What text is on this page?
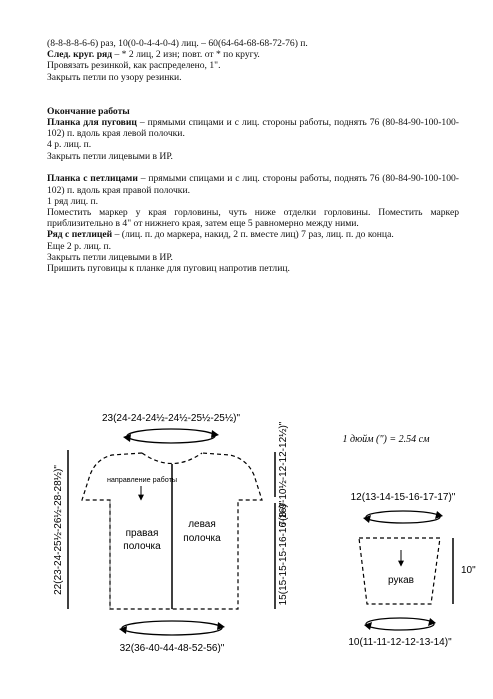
(8-8-8-8-6-6) раз, 10(0-0-4-4-0-4) лиц. – 60(64-64-68-68-72-76) п.

След. круг. ряд – * 2 лиц, 2 изн; повт. от * по кругу.

Провязать резинкой, как распределено, 1".

Закрыть петли по узору резинки.

Окончание работы

Планка для пуговиц – прямыми спицами и с лиц. стороны работы, поднять 76 (80-84-90-100-100-102) п. вдоль края левой полочки.

4 р. лиц. п.

Закрыть петли лицевыми в ИР.

Планка с петлицами – прямыми спицами и с лиц. стороны работы, поднять 76 (80-84-90-100-100-102) п. вдоль края правой полочки.

1 ряд лиц. п.

Поместить маркер у края горловины, чуть ниже отделки горловины. Поместить маркер приблизительно в 4" от нижнего края, затем еще 5 равномерно между ними.

Ряд с петлицей – (лиц. п. до маркера, накид, 2 п. вместе лиц) 7 раз, лиц. п. до конца.

Еще 2 р. лиц. п.

Закрыть петли лицевыми в ИР.

Пришить пуговицы к планке для пуговиц напротив петлиц.

23(24-24-24½-24½-25½-25½)"
направление работы
правая
полочка
левая
полочка
22(23-24-25½-26½-28-28½)"	7(8-9-10½-12-12-12½)"
15(15-15-15-16-16-16)"
32(36-40-44-48-52-56)"
1 дюйм (") = 2.54 см
12(13-14-15-16-17-17)"
рукав
10"
10(11-11-12-12-13-14)"
